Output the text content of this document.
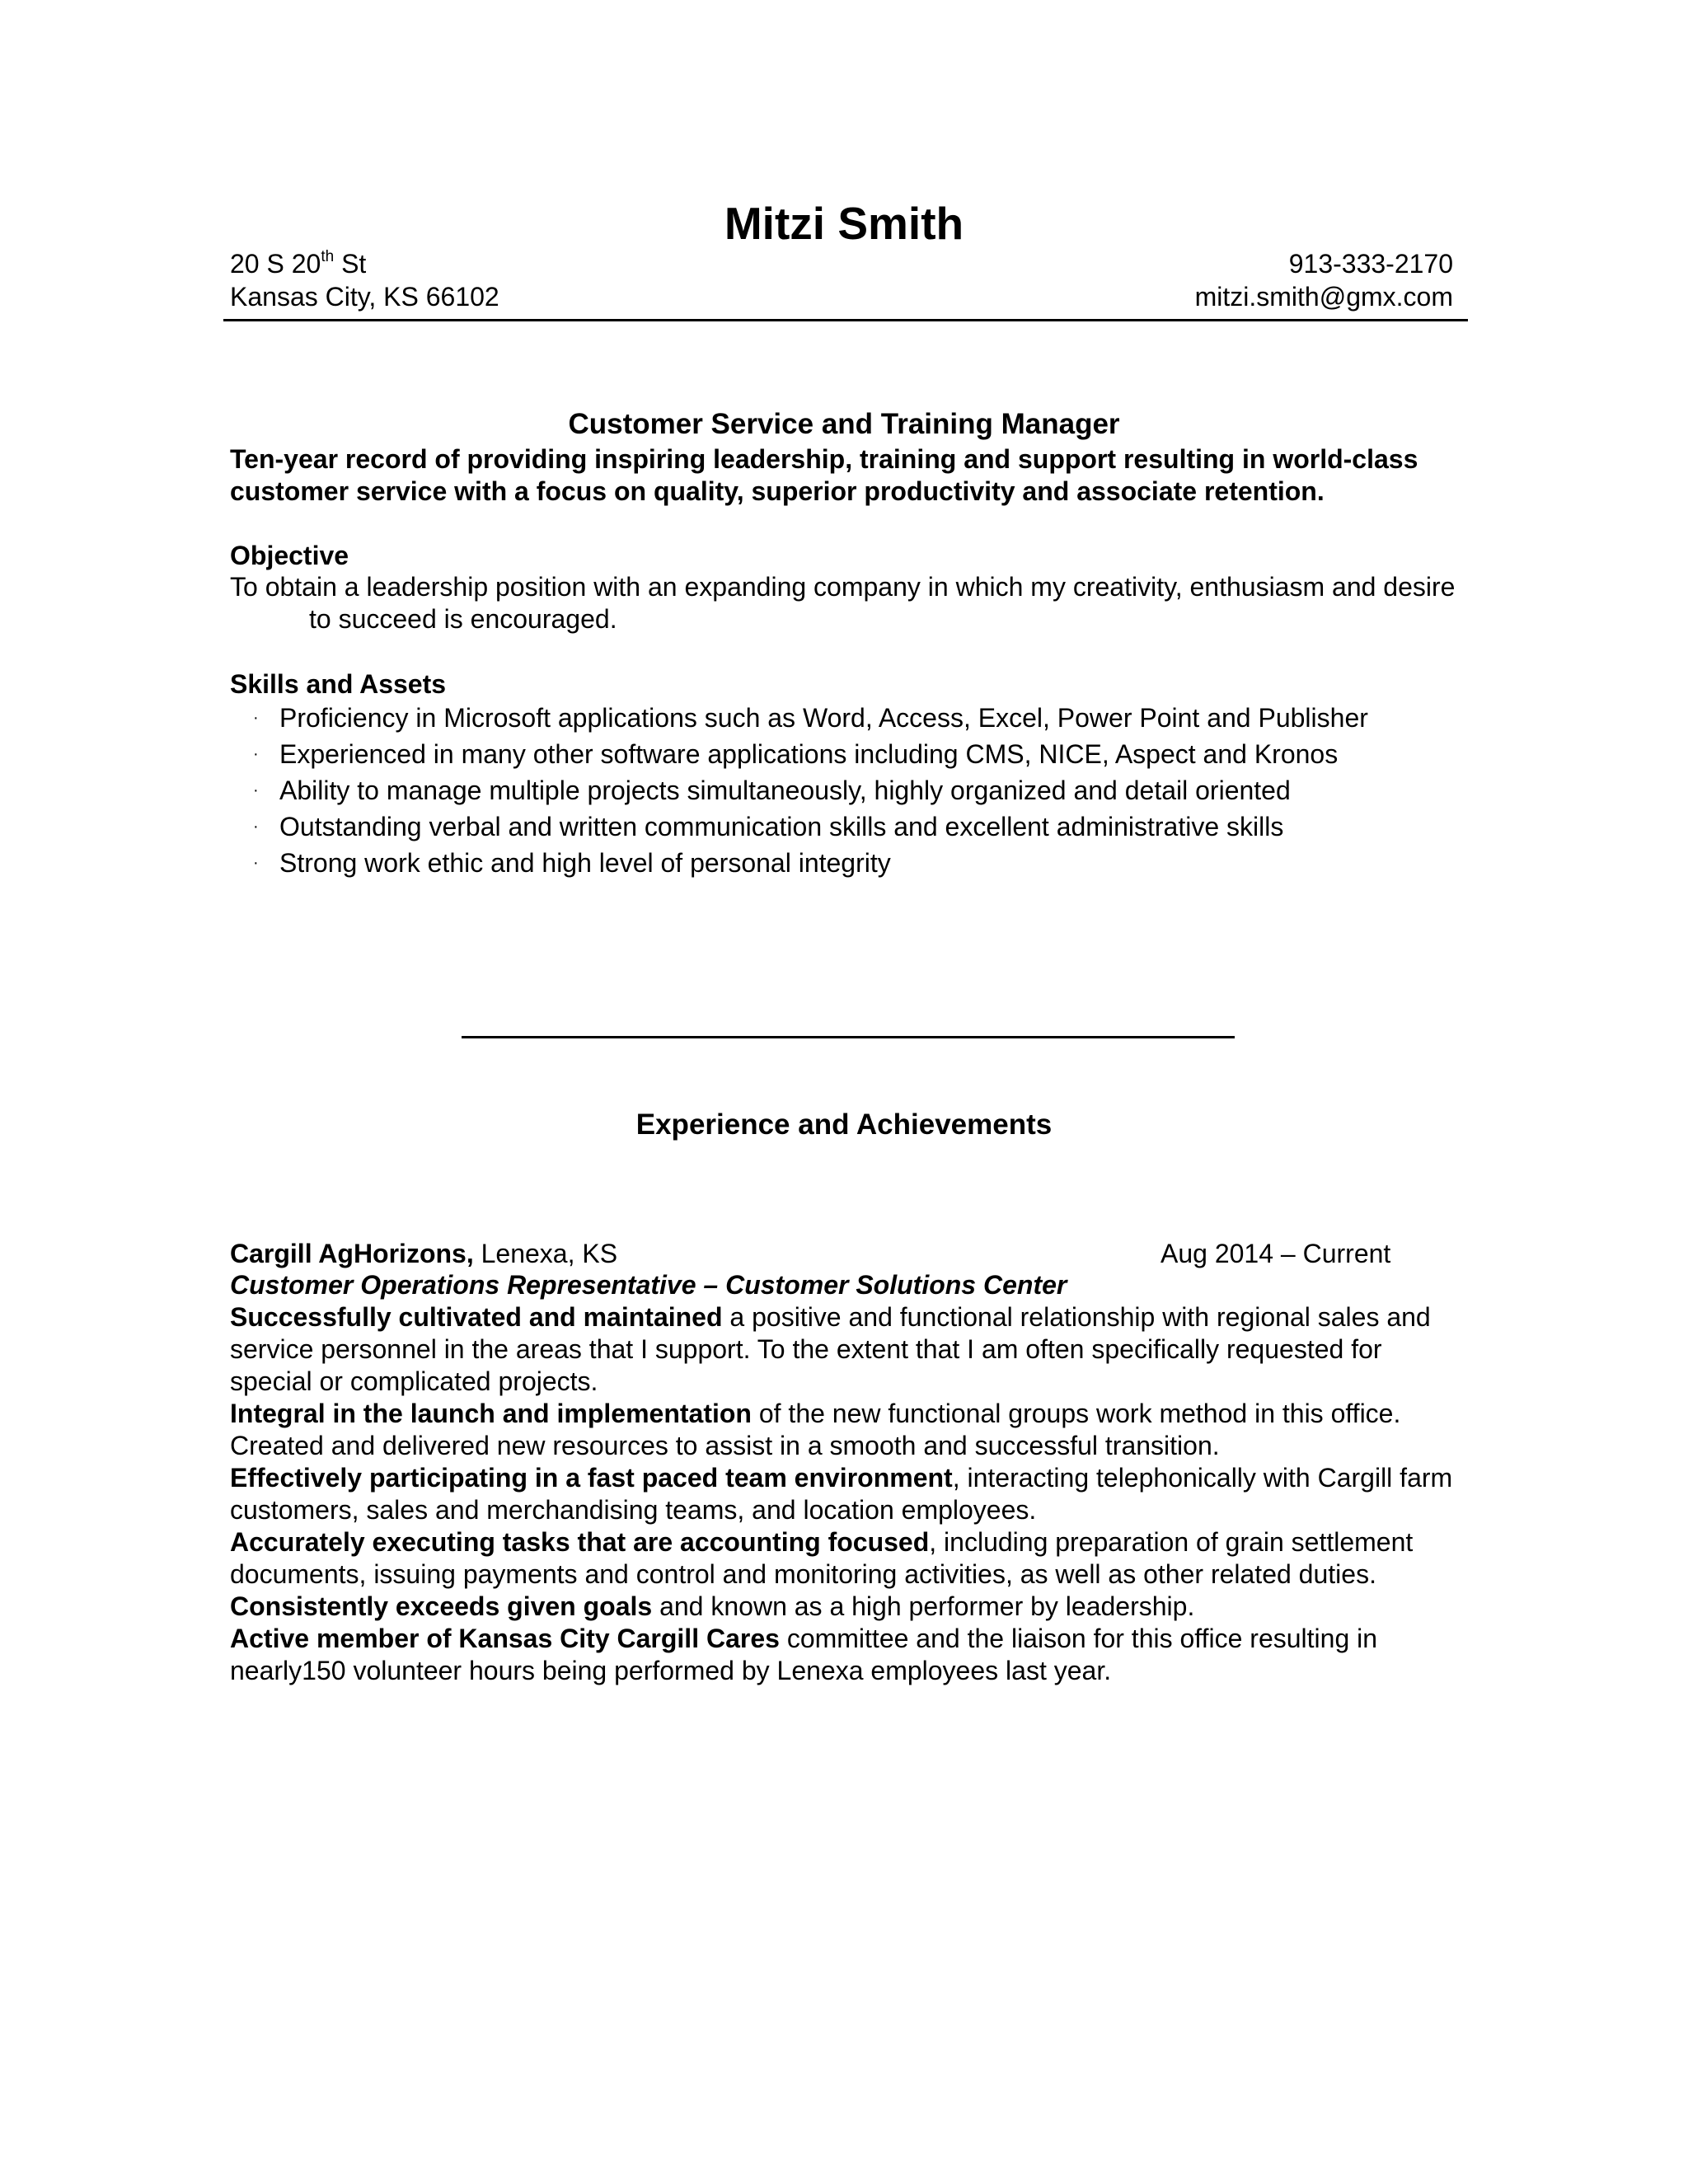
Mitzi Smith
20 S 20th St
Kansas City, KS 66102
913-333-2170
mitzi.smith@gmx.com
Customer Service and Training Manager
Ten-year record of providing inspiring leadership, training and support resulting in world-class customer service with a focus on quality, superior productivity and associate retention.
Objective
To obtain a leadership position with an expanding company in which my creativity, enthusiasm and desire to succeed is encouraged.
Skills and Assets
· Proficiency in Microsoft applications such as Word, Access, Excel, Power Point and Publisher
· Experienced in many other software applications including CMS, NICE, Aspect and Kronos
· Ability to manage multiple projects simultaneously, highly organized and detail oriented
· Outstanding verbal and written communication skills and excellent administrative skills
· Strong work ethic and high level of personal integrity
Experience and Achievements
Cargill AgHorizons, Lenexa, KS	Aug 2014 – Current
Customer Operations Representative – Customer Solutions Center

Successfully cultivated and maintained a positive and functional relationship with regional sales and service personnel in the areas that I support. To the extent that I am often specifically requested for special or complicated projects.

Integral in the launch and implementation of the new functional groups work method in this office. Created and delivered new resources to assist in a smooth and successful transition.

Effectively participating in a fast paced team environment, interacting telephonically with Cargill farm customers, sales and merchandising teams, and location employees.

Accurately executing tasks that are accounting focused, including preparation of grain settlement documents, issuing payments and control and monitoring activities, as well as other related duties.

Consistently exceeds given goals and known as a high performer by leadership.

Active member of Kansas City Cargill Cares committee and the liaison for this office resulting in nearly150 volunteer hours being performed by Lenexa employees last year.
